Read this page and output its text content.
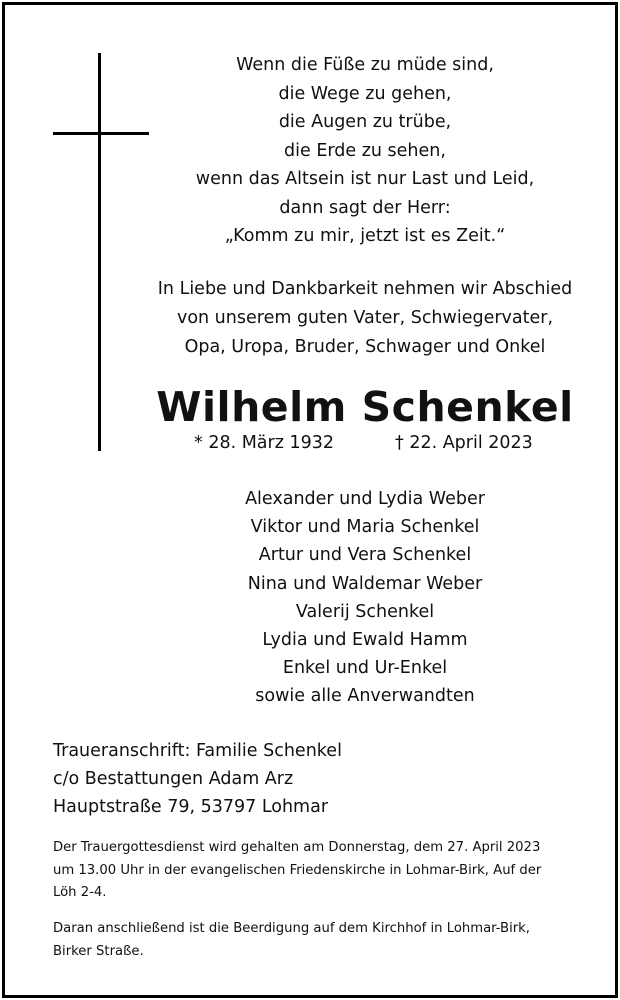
Wenn die Füße zu müde sind,
die Wege zu gehen,
die Augen zu trübe,
die Erde zu sehen,
wenn das Altsein ist nur Last und Leid,
dann sagt der Herr:
„Komm zu mir, jetzt ist es Zeit.“
In Liebe und Dankbarkeit nehmen wir Abschied
von unserem guten Vater, Schwiegervater,
Opa, Uropa, Bruder, Schwager und Onkel
Wilhelm Schenkel
* 28. März 1932	† 22. April 2023
Alexander und Lydia Weber
Viktor und Maria Schenkel
Artur und Vera Schenkel
Nina und Waldemar Weber
Valerij Schenkel
Lydia und Ewald Hamm
Enkel und Ur-Enkel
sowie alle Anverwandten
Traueranschrift: Familie Schenkel
c/o Bestattungen Adam Arz
Hauptstraße 79, 53797 Lohmar
Der Trauergottesdienst wird gehalten am Donnerstag, dem 27. April 2023
um 13.00 Uhr in der evangelischen Friedenskirche in Lohmar-Birk, Auf der
Löh 2-4.
Daran anschließend ist die Beerdigung auf dem Kirchhof in Lohmar-Birk,
Birker Straße.
